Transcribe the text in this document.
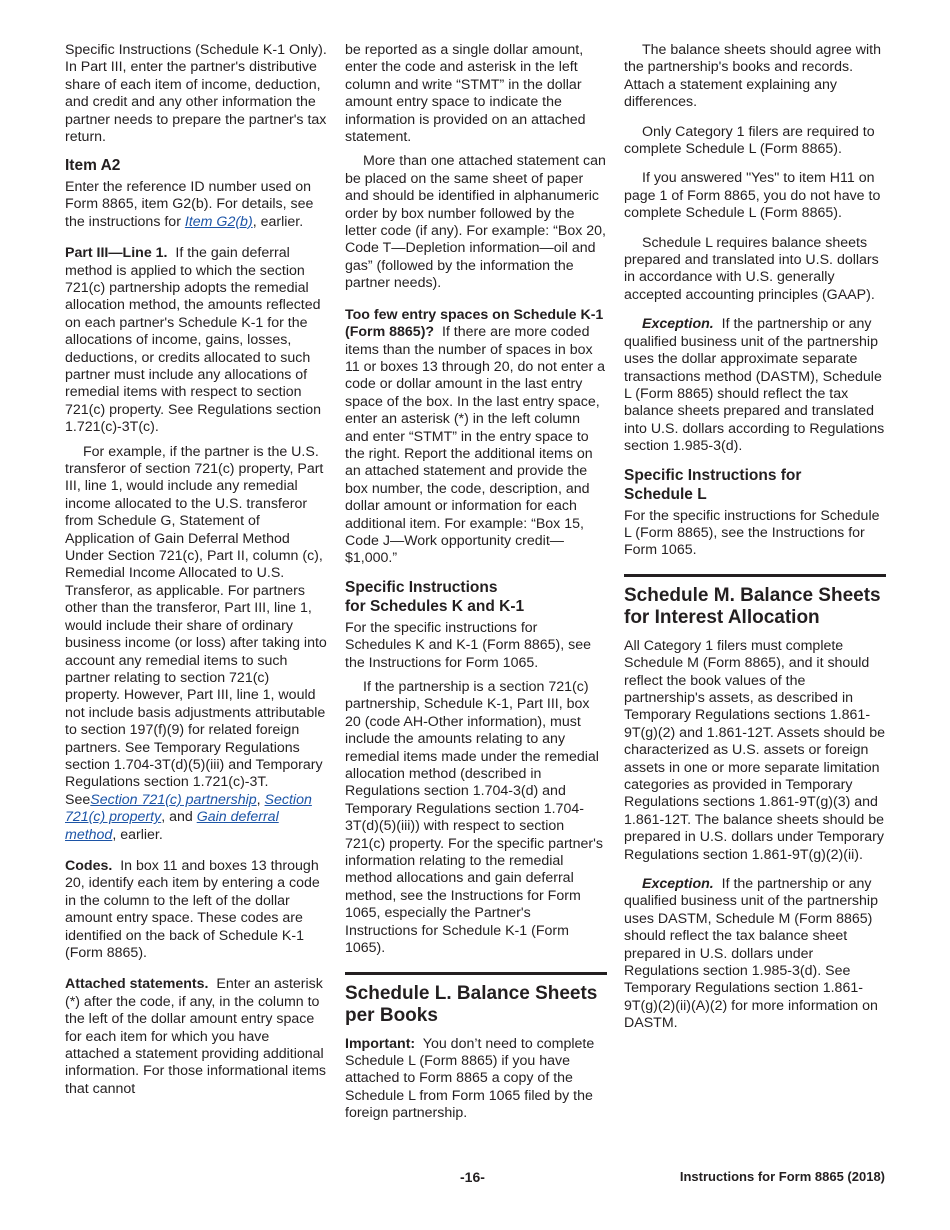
Specific Instructions (Schedule K-1 Only). In Part III, enter the partner's distributive share of each item of income, deduction, and credit and any other information the partner needs to prepare the partner's tax return.

Item A2

Enter the reference ID number used on Form 8865, item G2(b). For details, see the instructions for Item G2(b), earlier.

Part III—Line 1. If the gain deferral method is applied to which the section 721(c) partnership adopts the remedial allocation method, the amounts reflected on each partner's Schedule K-1 for the allocations of income, gains, losses, deductions, or credits allocated to such partner must include any allocations of remedial items with respect to section 721(c) property. See Regulations section 1.721(c)-3T(c).

For example, if the partner is the U.S. transferor of section 721(c) property, Part III, line 1, would include any remedial income allocated to the U.S. transferor from Schedule G, Statement of Application of Gain Deferral Method Under Section 721(c), Part II, column (c), Remedial Income Allocated to U.S. Transferor, as applicable. For partners other than the transferor, Part III, line 1, would include their share of ordinary business income (or loss) after taking into account any remedial items to such partner relating to section 721(c) property. However, Part III, line 1, would not include basis adjustments attributable to section 197(f)(9) for related foreign partners. See Temporary Regulations section 1.704-3T(d)(5)(iii) and Temporary Regulations section 1.721(c)-3T. SeeSection 721(c) partnership, Section 721(c) property, and Gain deferral method, earlier.

Codes. In box 11 and boxes 13 through 20, identify each item by entering a code in the column to the left of the dollar amount entry space. These codes are identified on the back of Schedule K-1 (Form 8865).

Attached statements. Enter an asterisk (*) after the code, if any, in the column to the left of the dollar amount entry space for each item for which you have attached a statement providing additional information. For those informational items that cannot

be reported as a single dollar amount, enter the code and asterisk in the left column and write “STMT” in the dollar amount entry space to indicate the information is provided on an attached statement.

More than one attached statement can be placed on the same sheet of paper and should be identified in alphanumeric order by box number followed by the letter code (if any). For example: “Box 20, Code T—Depletion information—oil and gas” (followed by the information the partner needs).

Too few entry spaces on Schedule K-1 (Form 8865)? If there are more coded items than the number of spaces in box 11 or boxes 13 through 20, do not enter a code or dollar amount in the last entry space of the box. In the last entry space, enter an asterisk (*) in the left column and enter “STMT” in the entry space to the right. Report the additional items on an attached statement and provide the box number, the code, description, and dollar amount or information for each additional item. For example: “Box 15, Code J—Work opportunity credit—$1,000.”

Specific Instructions
for Schedules K and K-1

For the specific instructions for Schedules K and K-1 (Form 8865), see the Instructions for Form 1065.

If the partnership is a section 721(c) partnership, Schedule K-1, Part III, box 20 (code AH-Other information), must include the amounts relating to any remedial items made under the remedial allocation method (described in Regulations section 1.704-3(d) and Temporary Regulations section 1.704-3T(d)(5)(iii)) with respect to section 721(c) property. For the specific partner's information relating to the remedial method allocations and gain deferral method, see the Instructions for Form 1065, especially the Partner's Instructions for Schedule K-1 (Form 1065).

Schedule L. Balance Sheets per Books

Important: You don’t need to complete Schedule L (Form 8865) if you have attached to Form 8865 a copy of the Schedule L from Form 1065 filed by the foreign partnership.

The balance sheets should agree with the partnership's books and records. Attach a statement explaining any differences.

Only Category 1 filers are required to complete Schedule L (Form 8865).

If you answered "Yes" to item H11 on page 1 of Form 8865, you do not have to complete Schedule L (Form 8865).

Schedule L requires balance sheets prepared and translated into U.S. dollars in accordance with U.S. generally accepted accounting principles (GAAP).

Exception. If the partnership or any qualified business unit of the partnership uses the dollar approximate separate transactions method (DASTM), Schedule L (Form 8865) should reflect the tax balance sheets prepared and translated into U.S. dollars according to Regulations section 1.985-3(d).

Specific Instructions for
Schedule L

For the specific instructions for Schedule L (Form 8865), see the Instructions for Form 1065.

Schedule M. Balance Sheets for Interest Allocation

All Category 1 filers must complete Schedule M (Form 8865), and it should reflect the book values of the partnership's assets, as described in Temporary Regulations sections 1.861-9T(g)(2) and 1.861-12T. Assets should be characterized as U.S. assets or foreign assets in one or more separate limitation categories as provided in Temporary Regulations sections 1.861-9T(g)(3) and 1.861-12T. The balance sheets should be prepared in U.S. dollars under Temporary Regulations section 1.861-9T(g)(2)(ii).

Exception. If the partnership or any qualified business unit of the partnership uses DASTM, Schedule M (Form 8865) should reflect the tax balance sheet prepared in U.S. dollars under Regulations section 1.985-3(d). See Temporary Regulations section 1.861-9T(g)(2)(ii)(A)(2) for more information on DASTM.

-16-	Instructions for Form 8865 (2018)
